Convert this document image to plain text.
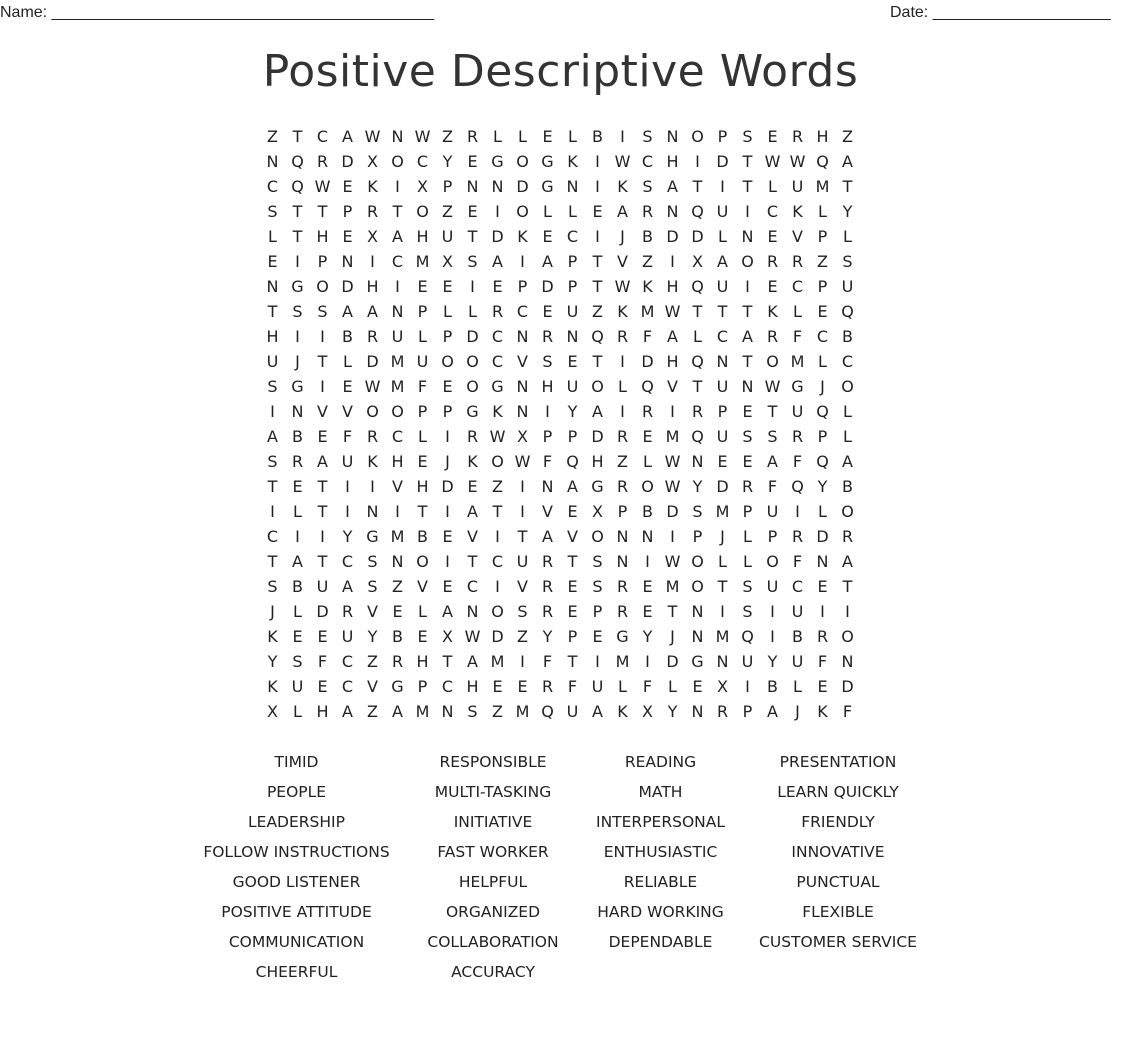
Name: ___________________________________________	Date: ____________________
Positive Descriptive Words
Z T C A W N W Z R L	L E L B	I	S N O P S E R H Z
N Q R D X O C Y E G O G K	I W C H	I	D T W W Q A
C Q W E K	I	X P N N D G N	I	K S A T	I	T L U M T
S T T P R T O Z E	I	O L	L E A R N Q U	I	C K L Y
L T H E X A H U T D K E C	I	J	B D D L N E V P L
E	I	P N	I	C M X S A	I	A P T V Z	I	X A O R R Z S
N G O D H	I	E E	I	E P D P T W K H Q U	I	E C P U
T S S A A N P L	L R C E U Z K M W T T T K L E Q
H	I	I	B R U L P D C N R N Q R F A L C A R F C B
U	J	T L D M U O O C V S E T	I	D H Q N T O M L C
S G	I	E W M F E O G N H U O L Q V T U N W G	J	O
I	N V V O O P P G K N	I	Y A	I	R	I	R P E T U Q L
A B E F R C L	I	R W X P P D R E M Q U S S R P L
S R A U K H E	J	K O W F Q H Z L W N E E A F Q A
T E T	I	I	V H D E Z	I	N A G R O W Y D R F Q Y B
I	L T	I	N	I	T	I	A T	I	V E X P B D S M P U	I	L O
C	I	I	Y G M B E V	I	T A V O N N	I	P	J	L P R D R
T A T C S N O	I	T C U R T S N	I W O L	L O F N A
S B U A S Z V E C	I	V R E S R E M O T S U C E T
J	L D R V E L A N O S R E P R E T N	I	S	I	U	I	I
K E E U Y B E X W D Z Y P E G Y	J	N M Q	I	B R O
Y S F C Z R H T A M I	F T	I M I	D G N U Y U F N
K U E C V G P C H E E R F U L F L E X	I	B L E D
X L H A Z A M N S Z M Q U A K X Y N R P A	J	K F
TIMID	RESPONSIBLE	READING	PRESENTATION
PEOPLE	MULTI-TASKING	MATH	LEARN QUICKLY
LEADERSHIP	INITIATIVE	INTERPERSONAL	FRIENDLY
FOLLOW INSTRUCTIONS	FAST WORKER	ENTHUSIASTIC	INNOVATIVE
GOOD LISTENER	HELPFUL	RELIABLE	PUNCTUAL
POSITIVE ATTITUDE	ORGANIZED	HARD WORKING	FLEXIBLE
COMMUNICATION	COLLABORATION	DEPENDABLE	CUSTOMER SERVICE
CHEERFUL	ACCURACY
